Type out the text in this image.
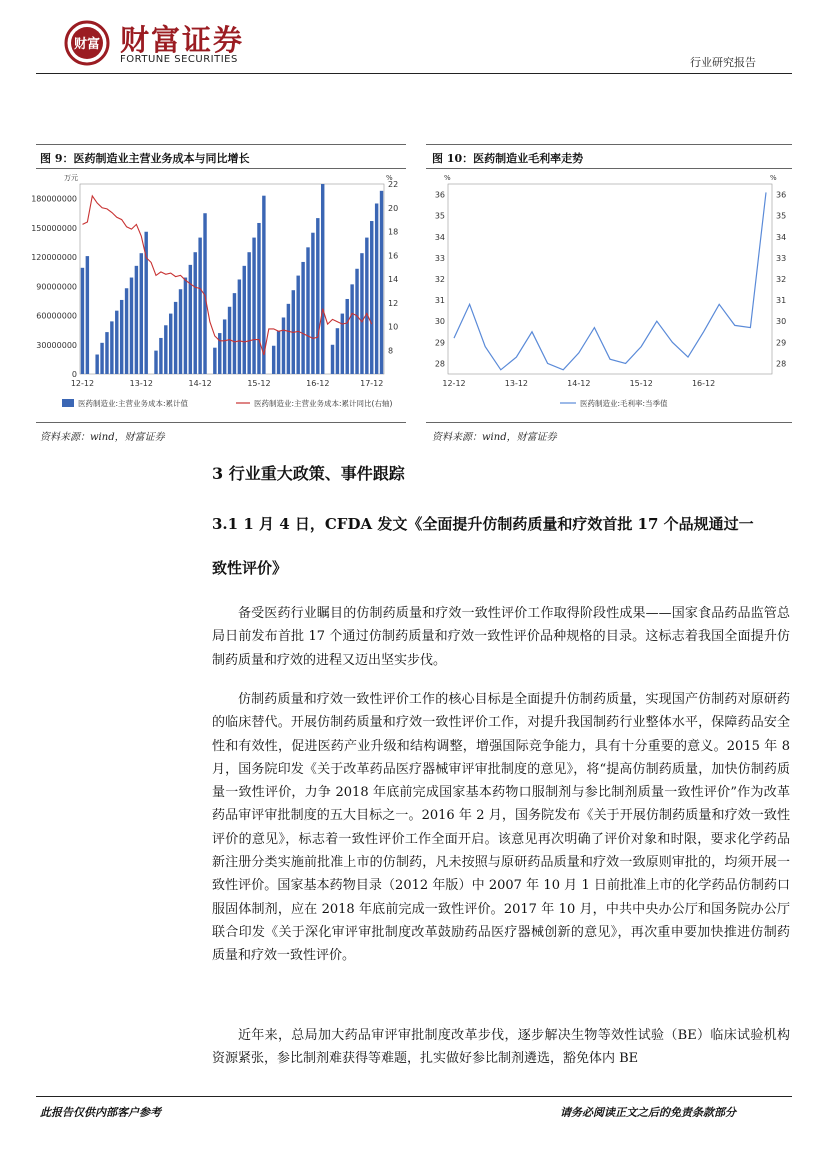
财富 财富证券
FORTUNE SECURITIES	行业研究报告
图 9：医药制造业主营业务成本与同比增长
万元	%
180000000
150000000
120000000
90000000
60000000
30000000
0
22
20
18
16
14
12
10
8
12-12	13-12	14-12	15-12	16-12	17-12
医药制造业:主营业务成本:累计值	医药制造业:主营业务成本:累计同比(右轴)
资料来源：wind，财富证券
图 10：医药制造业毛利率走势
%	%
36
35
34
33
32
31
30
29
28
36
35
34
33
32
31
30
29
28
12-12	13-12	14-12	15-12	16-12
医药制造业:毛利率:当季值
资料来源：wind，财富证券
3 行业重大政策、事件跟踪
3.1 1 月 4 日，CFDA 发文《全面提升仿制药质量和疗效首批 17 个品规通过一
致性评价》
备受医药行业瞩目的仿制药质量和疗效一致性评价工作取得阶段性成果——国家食品药品监管总局日前发布首批 17 个通过仿制药质量和疗效一致性评价品种规格的目录。这标志着我国全面提升仿制药质量和疗效的进程又迈出坚实步伐。
仿制药质量和疗效一致性评价工作的核心目标是全面提升仿制药质量，实现国产仿制药对原研药的临床替代。开展仿制药质量和疗效一致性评价工作，对提升我国制药行业整体水平，保障药品安全性和有效性，促进医药产业升级和结构调整，增强国际竞争能力，具有十分重要的意义。2015 年 8 月，国务院印发《关于改革药品医疗器械审评审批制度的意见》，将“提高仿制药质量，加快仿制药质量一致性评价，力争 2018 年底前完成国家基本药物口服制剂与参比制剂质量一致性评价”作为改革药品审评审批制度的五大目标之一。2016 年 2 月，国务院发布《关于开展仿制药质量和疗效一致性评价的意见》，标志着一致性评价工作全面开启。该意见再次明确了评价对象和时限，要求化学药品新注册分类实施前批准上市的仿制药，凡未按照与原研药品质量和疗效一致原则审批的，均须开展一致性评价。国家基本药物目录（2012 年版）中 2007 年 10 月 1 日前批准上市的化学药品仿制药口服固体制剂，应在 2018 年底前完成一致性评价。2017 年 10 月，中共中央办公厅和国务院办公厅联合印发《关于深化审评审批制度改革鼓励药品医疗器械创新的意见》，再次重申要加快推进仿制药质量和疗效一致性评价。
近年来，总局加大药品审评审批制度改革步伐，逐步解决生物等效性试验（BE）临床试验机构资源紧张，参比制剂难获得等难题，扎实做好参比制剂遴选，豁免体内 BE
此报告仅供内部客户参考	请务必阅读正文之后的免责条款部分
